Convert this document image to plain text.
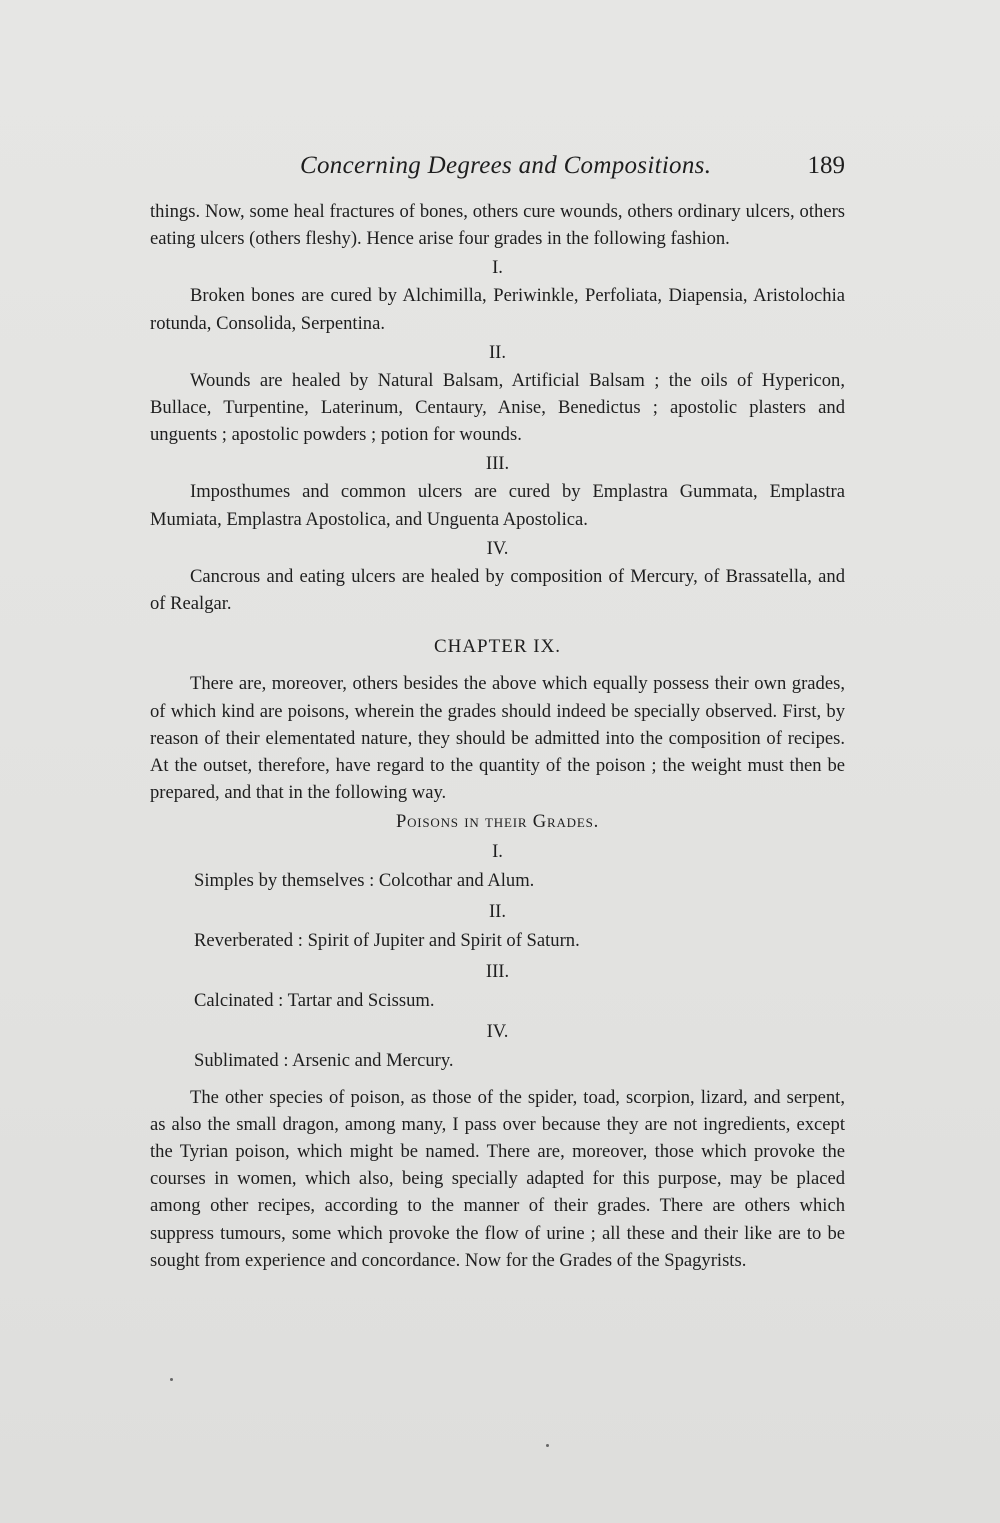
Concerning Degrees and Compositions.	189

things. Now, some heal fractures of bones, others cure wounds, others ordinary ulcers, others eating ulcers (others fleshy). Hence arise four grades in the following fashion.

I.

Broken bones are cured by Alchimilla, Periwinkle, Perfoliata, Diapensia, Aristolochia rotunda, Consolida, Serpentina.

II.

Wounds are healed by Natural Balsam, Artificial Balsam ; the oils of Hypericon, Bullace, Turpentine, Laterinum, Centaury, Anise, Benedictus ; apostolic plasters and unguents ; apostolic powders ; potion for wounds.

III.

Imposthumes and common ulcers are cured by Emplastra Gummata, Emplastra Mumiata, Emplastra Apostolica, and Unguenta Apostolica.

IV.

Cancrous and eating ulcers are healed by composition of Mercury, of Brassatella, and of Realgar.

CHAPTER IX.

There are, moreover, others besides the above which equally possess their own grades, of which kind are poisons, wherein the grades should indeed be specially observed. First, by reason of their elementated nature, they should be admitted into the composition of recipes. At the outset, therefore, have regard to the quantity of the poison ; the weight must then be prepared, and that in the following way.

Poisons in their Grades.
I.

Simples by themselves : Colcothar and Alum.

II.

Reverberated : Spirit of Jupiter and Spirit of Saturn.

III.

Calcinated : Tartar and Scissum.

IV.

Sublimated : Arsenic and Mercury.

The other species of poison, as those of the spider, toad, scorpion, lizard, and serpent, as also the small dragon, among many, I pass over because they are not ingredients, except the Tyrian poison, which might be named. There are, moreover, those which provoke the courses in women, which also, being specially adapted for this purpose, may be placed among other recipes, according to the manner of their grades. There are others which suppress tumours, some which provoke the flow of urine ; all these and their like are to be sought from experience and concordance. Now for the Grades of the Spagyrists.
